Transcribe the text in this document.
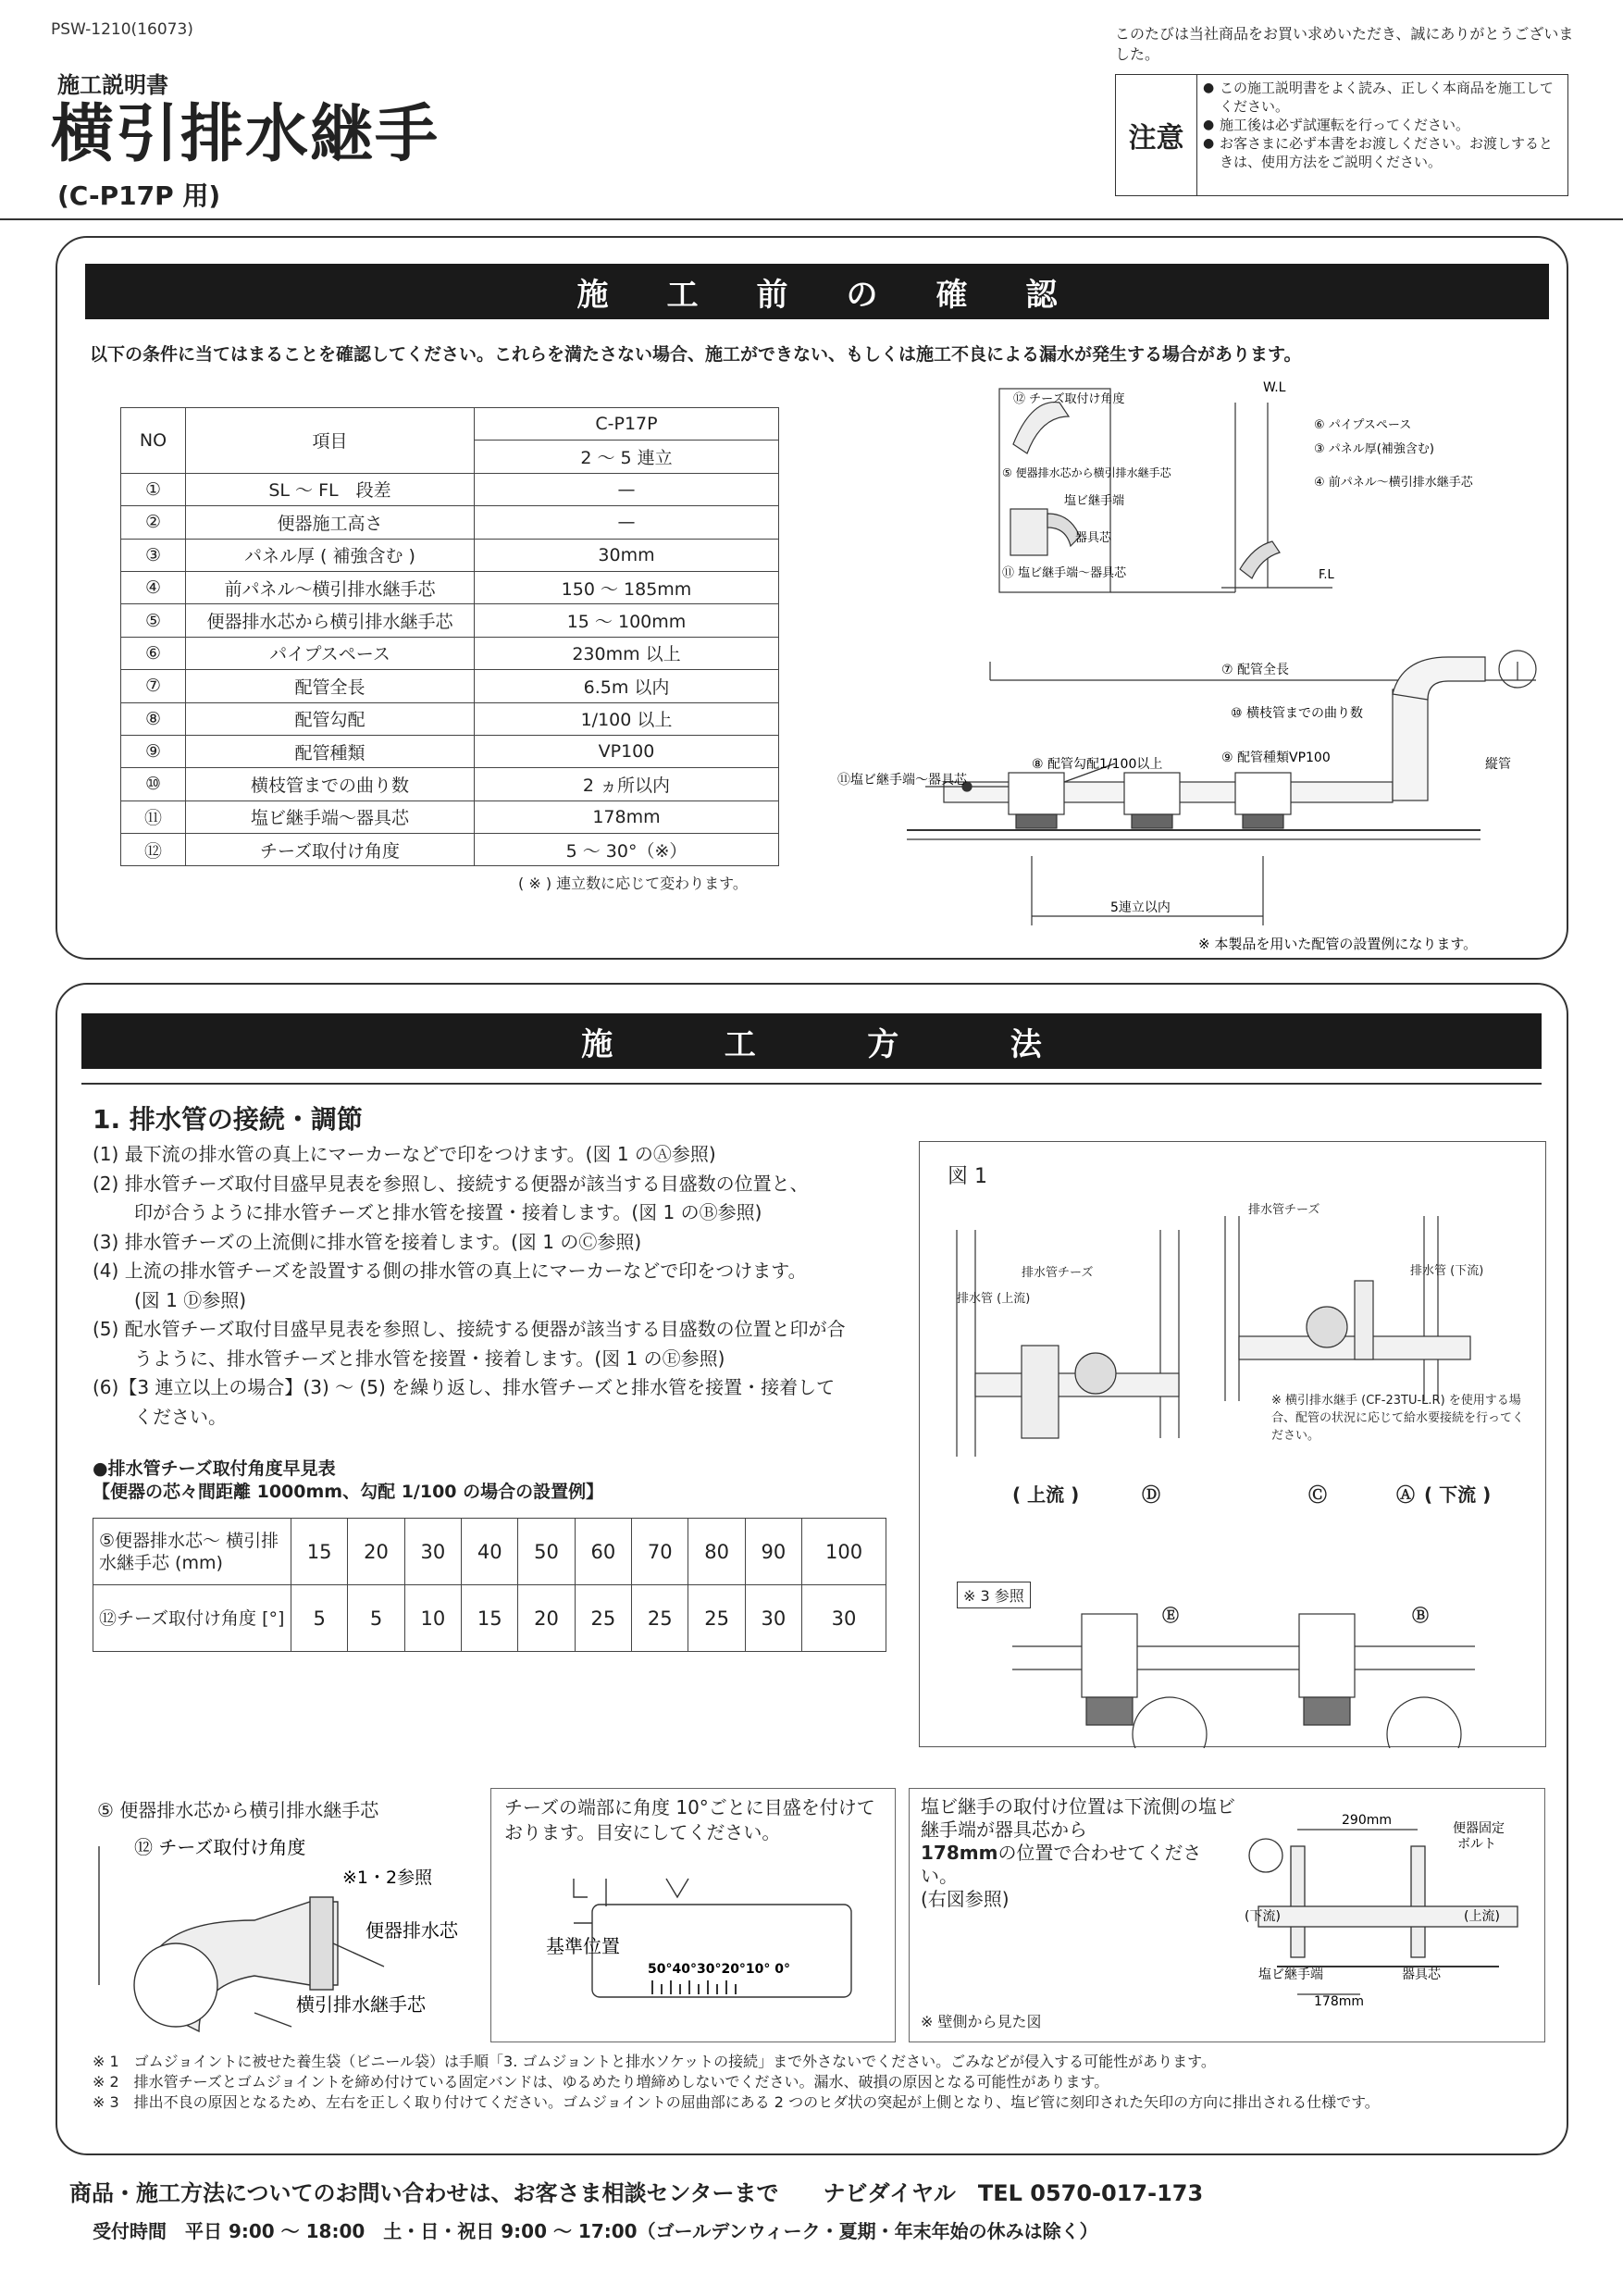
PSW-1210(16073)
施工説明書
横引排水継手
(C-P17P 用)
このたびは当社商品をお買い求めいただき、誠にありがとうございました。
注意
● この施工説明書をよく読み、正しく本商品を施工してください。
● 施工後は必ず試運転を行ってください。
● お客さまに必ず本書をお渡しください。お渡しするときは、使用方法をご説明ください。
施 工 前 の 確 認
以下の条件に当てはまることを確認してください。これらを満たさない場合、施工ができない、もしくは施工不良による漏水が発生する場合があります。
NO	項目	C-P17P
		2 ～ 5 連立
①	SL ～ FL　段差	—
②	便器施工高さ	—
③	パネル厚 ( 補強含む )	30mm
④	前パネル～横引排水継手芯	150 ～ 185mm
⑤	便器排水芯から横引排水継手芯	15 ～ 100mm
⑥	パイプスペース	230mm 以上
⑦	配管全長	6.5m 以内
⑧	配管勾配	1/100 以上
⑨	配管種類	VP100
⑩	横枝管までの曲り数	2 ヵ所以内
⑪	塩ビ継手端～器具芯	178mm
⑫	チーズ取付け角度	5 ～ 30°（※）
( ※ ) 連立数に応じて変わります。
⑫ チーズ取付け角度
⑤ 便器排水芯から横引排水継手芯
塩ビ継手端
器具芯
⑪ 塩ビ継手端～器具芯
W.L
⑥ パイプスペース
③ パネル厚(補強含む)
④ 前パネル～横引排水継手芯
F.L
⑦ 配管全長
⑩ 横枝管までの曲り数
⑨ 配管種類VP100
⑧ 配管勾配1/100以上
⑪塩ビ継手端～器具芯
縦管
5連立以内
※ 本製品を用いた配管の設置例になります。
施	工	方	法
1. 排水管の接続・調節
(1) 最下流の排水管の真上にマーカーなどで印をつけます。(図 1 のⒶ参照)
(2) 排水管チーズ取付目盛早見表を参照し、接続する便器が該当する目盛数の位置と、
印が合うように排水管チーズと排水管を接置・接着します。(図 1 のⒷ参照)
(3) 排水管チーズの上流側に排水管を接着します。(図 1 のⒸ参照)
(4) 上流の排水管チーズを設置する側の排水管の真上にマーカーなどで印をつけます。
(図 1 Ⓓ参照)
(5) 配水管チーズ取付目盛早見表を参照し、接続する便器が該当する目盛数の位置と印が合
うように、排水管チーズと排水管を接置・接着します。(図 1 のⒺ参照)
(6)【3 連立以上の場合】(3) ～ (5) を繰り返し、排水管チーズと排水管を接置・接着して
ください。
●排水管チーズ取付角度早見表
【便器の芯々間距離 1000mm、勾配 1/100 の場合の設置例】
⑤便器排水芯～ 横引排水継手芯 (mm)	15	20	30	40	50	60	70	80	90	100
⑫チーズ取付け角度 [°]	5	5	10	15	20	25	25	25	30	30
図 1
排水管チーズ
排水管チーズ
排水管 (上流)
排水管 (下流)
※ 横引排水継手 (CF-23TU-L.R) を使用する場合、配管の状況に応じて給水要接続を行ってください。
( 上流 )	Ⓓ	Ⓒ	Ⓐ ( 下流 )
※ 3 参照
Ⓔ	Ⓑ
⑤ 便器排水芯から横引排水継手芯
⑫ チーズ取付け角度
※1・2参照
便器排水芯
横引排水継手芯
チーズの端部に角度 10°ごとに目盛を付けております。目安にしてください。
基準位置
50°40°30°20°10° 0°
塩ビ継手の取付け位置は下流側の塩ビ継手端が器具芯から
178mmの位置で合わせてください。
(右図参照)
※ 壁側から見た図
290mm
便器固定
ボルト
(下流)	(上流)
塩ビ継手端	器具芯
178mm
※ 1　ゴムジョイントに被せた養生袋（ビニール袋）は手順「3. ゴムジョントと排水ソケットの接続」まで外さないでください。ごみなどが侵入する可能性があります。
※ 2　排水管チーズとゴムジョイントを締め付けている固定バンドは、ゆるめたり増締めしないでください。漏水、破損の原因となる可能性があります。
※ 3　排出不良の原因となるため、左右を正しく取り付けてください。ゴムジョイントの屈曲部にある 2 つのヒダ状の突起が上側となり、塩ビ管に刻印された矢印の方向に排出される仕様です。
商品・施工方法についてのお問い合わせは、お客さま相談センターまで　　ナビダイヤル　TEL 0570-017-173
受付時間　平日 9:00 ～ 18:00　土・日・祝日 9:00 ～ 17:00（ゴールデンウィーク・夏期・年末年始の休みは除く）
